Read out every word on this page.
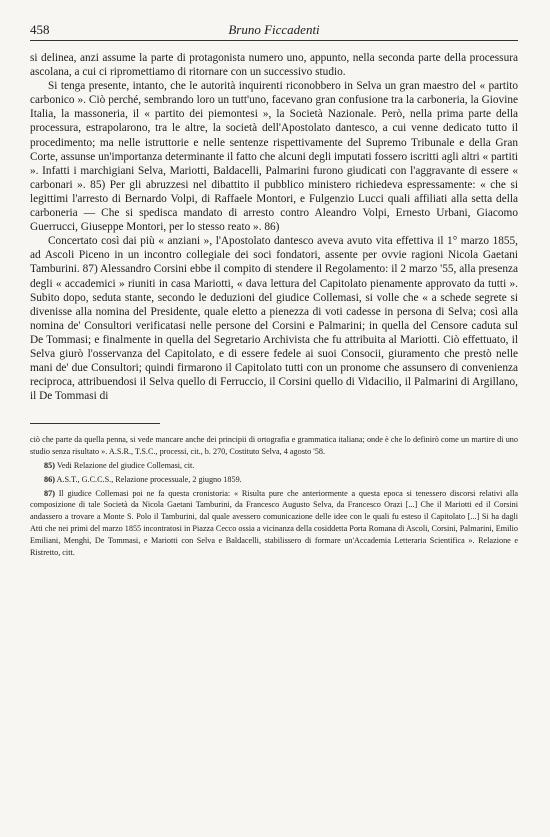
458	Bruno Ficcadenti

si delinea, anzi assume la parte di protagonista numero uno, appunto, nella seconda parte della processura ascolana, a cui ci ripromettiamo di ritornare con un successivo studio.

Si tenga presente, intanto, che le autorità inquirenti riconobbero in Selva un gran maestro del « partito carbonico ». Ciò perché, sembrando loro un tutt'uno, facevano gran confusione tra la carboneria, la Giovine Italia, la massoneria, il « partito dei piemontesi », la Società Nazionale. Però, nella prima parte della processura, estrapolarono, tra le altre, la società dell'Apostolato dantesco, a cui venne dedicato tutto il procedimento; ma nelle istruttorie e nelle sentenze rispettivamente del Supremo Tribunale e della Gran Corte, assunse un'importanza determinante il fatto che alcuni degli imputati fossero iscritti agli altri « partiti ». Infatti i marchigiani Selva, Mariotti, Baldacelli, Palmarini furono giudicati con l'aggravante di essere « carbonari ». 85) Per gli abruzzesi nel dibattito il pubblico ministero richiedeva espressamente: « che si legittimi l'arresto di Bernardo Volpi, di Raffaele Montori, e Fulgenzio Lucci quali affiliati alla setta della carboneria — Che si spedisca mandato di arresto contro Aleandro Volpi, Ernesto Urbani, Giacomo Guerrucci, Giuseppe Montori, per lo stesso reato ». 86)

Concertato così dai più « anziani », l'Apostolato dantesco aveva avuto vita effettiva il 1° marzo 1855, ad Ascoli Piceno in un incontro collegiale dei soci fondatori, assente per ovvie ragioni Nicola Gaetani Tamburini. 87) Alessandro Corsini ebbe il compito di stendere il Regolamento: il 2 marzo '55, alla presenza degli « accademici » riuniti in casa Mariotti, « dava lettura del Capitolato pienamente approvato da tutti ». Subito dopo, seduta stante, secondo le deduzioni del giudice Collemasi, si volle che « a schede segrete si divenisse alla nomina del Presidente, quale eletto a pienezza di voti cadesse in persona di Selva; così alla nomina de' Consultori verificatasi nelle persone del Corsini e Palmarini; in quella del Censore caduta sul De Tommasi; e finalmente in quella del Segretario Archivista che fu attribuita al Mariotti. Ciò effettuato, il Selva giurò l'osservanza del Capitolato, e di essere fedele ai suoi Consocii, giuramento che prestò nelle mani de' due Consultori; quindi firmarono il Capitolato tutti con un pronome che assunsero di convenienza reciproca, attribuendosi il Selva quello di Ferruccio, il Corsini quello di Vidacilio, il Palmarini di Argillano, il De Tommasi di

ciò che parte da quella penna, si vede mancare anche dei principii di ortografia e grammatica italiana; onde è che lo definirò come un martire di uno studio senza risultato ». A.S.R., T.S.C., processi, cit., b. 270, Costituto Selva, 4 agosto '58.

85) Vedi Relazione del giudice Collemasi, cit.

86) A.S.T., G.C.C.S., Relazione processuale, 2 giugno 1859.

87) Il giudice Collemasi poi ne fa questa cronistoria: « Risulta pure che anteriormente a questa epoca si tenessero discorsi relativi alla composizione di tale Società da Nicola Gaetani Tamburini, da Francesco Augusto Selva, da Francesco Orazi [...] Che il Mariotti ed il Corsini andassero a trovare a Monte S. Polo il Tamburini, dal quale avessero comunicazione delle idee con le quali fu esteso il Capitolato [...] Si ha dagli Atti che nei primi del marzo 1855 incontratosi in Piazza Cecco ossia a vicinanza della cosiddetta Porta Romana di Ascoli, Corsini, Palmarini, Emilio Emiliani, Menghi, De Tommasi, e Mariotti con Selva e Baldacelli, stabilissero di formare un'Accademia Letteraria Scientifica ». Relazione e Ristretto, citt.
